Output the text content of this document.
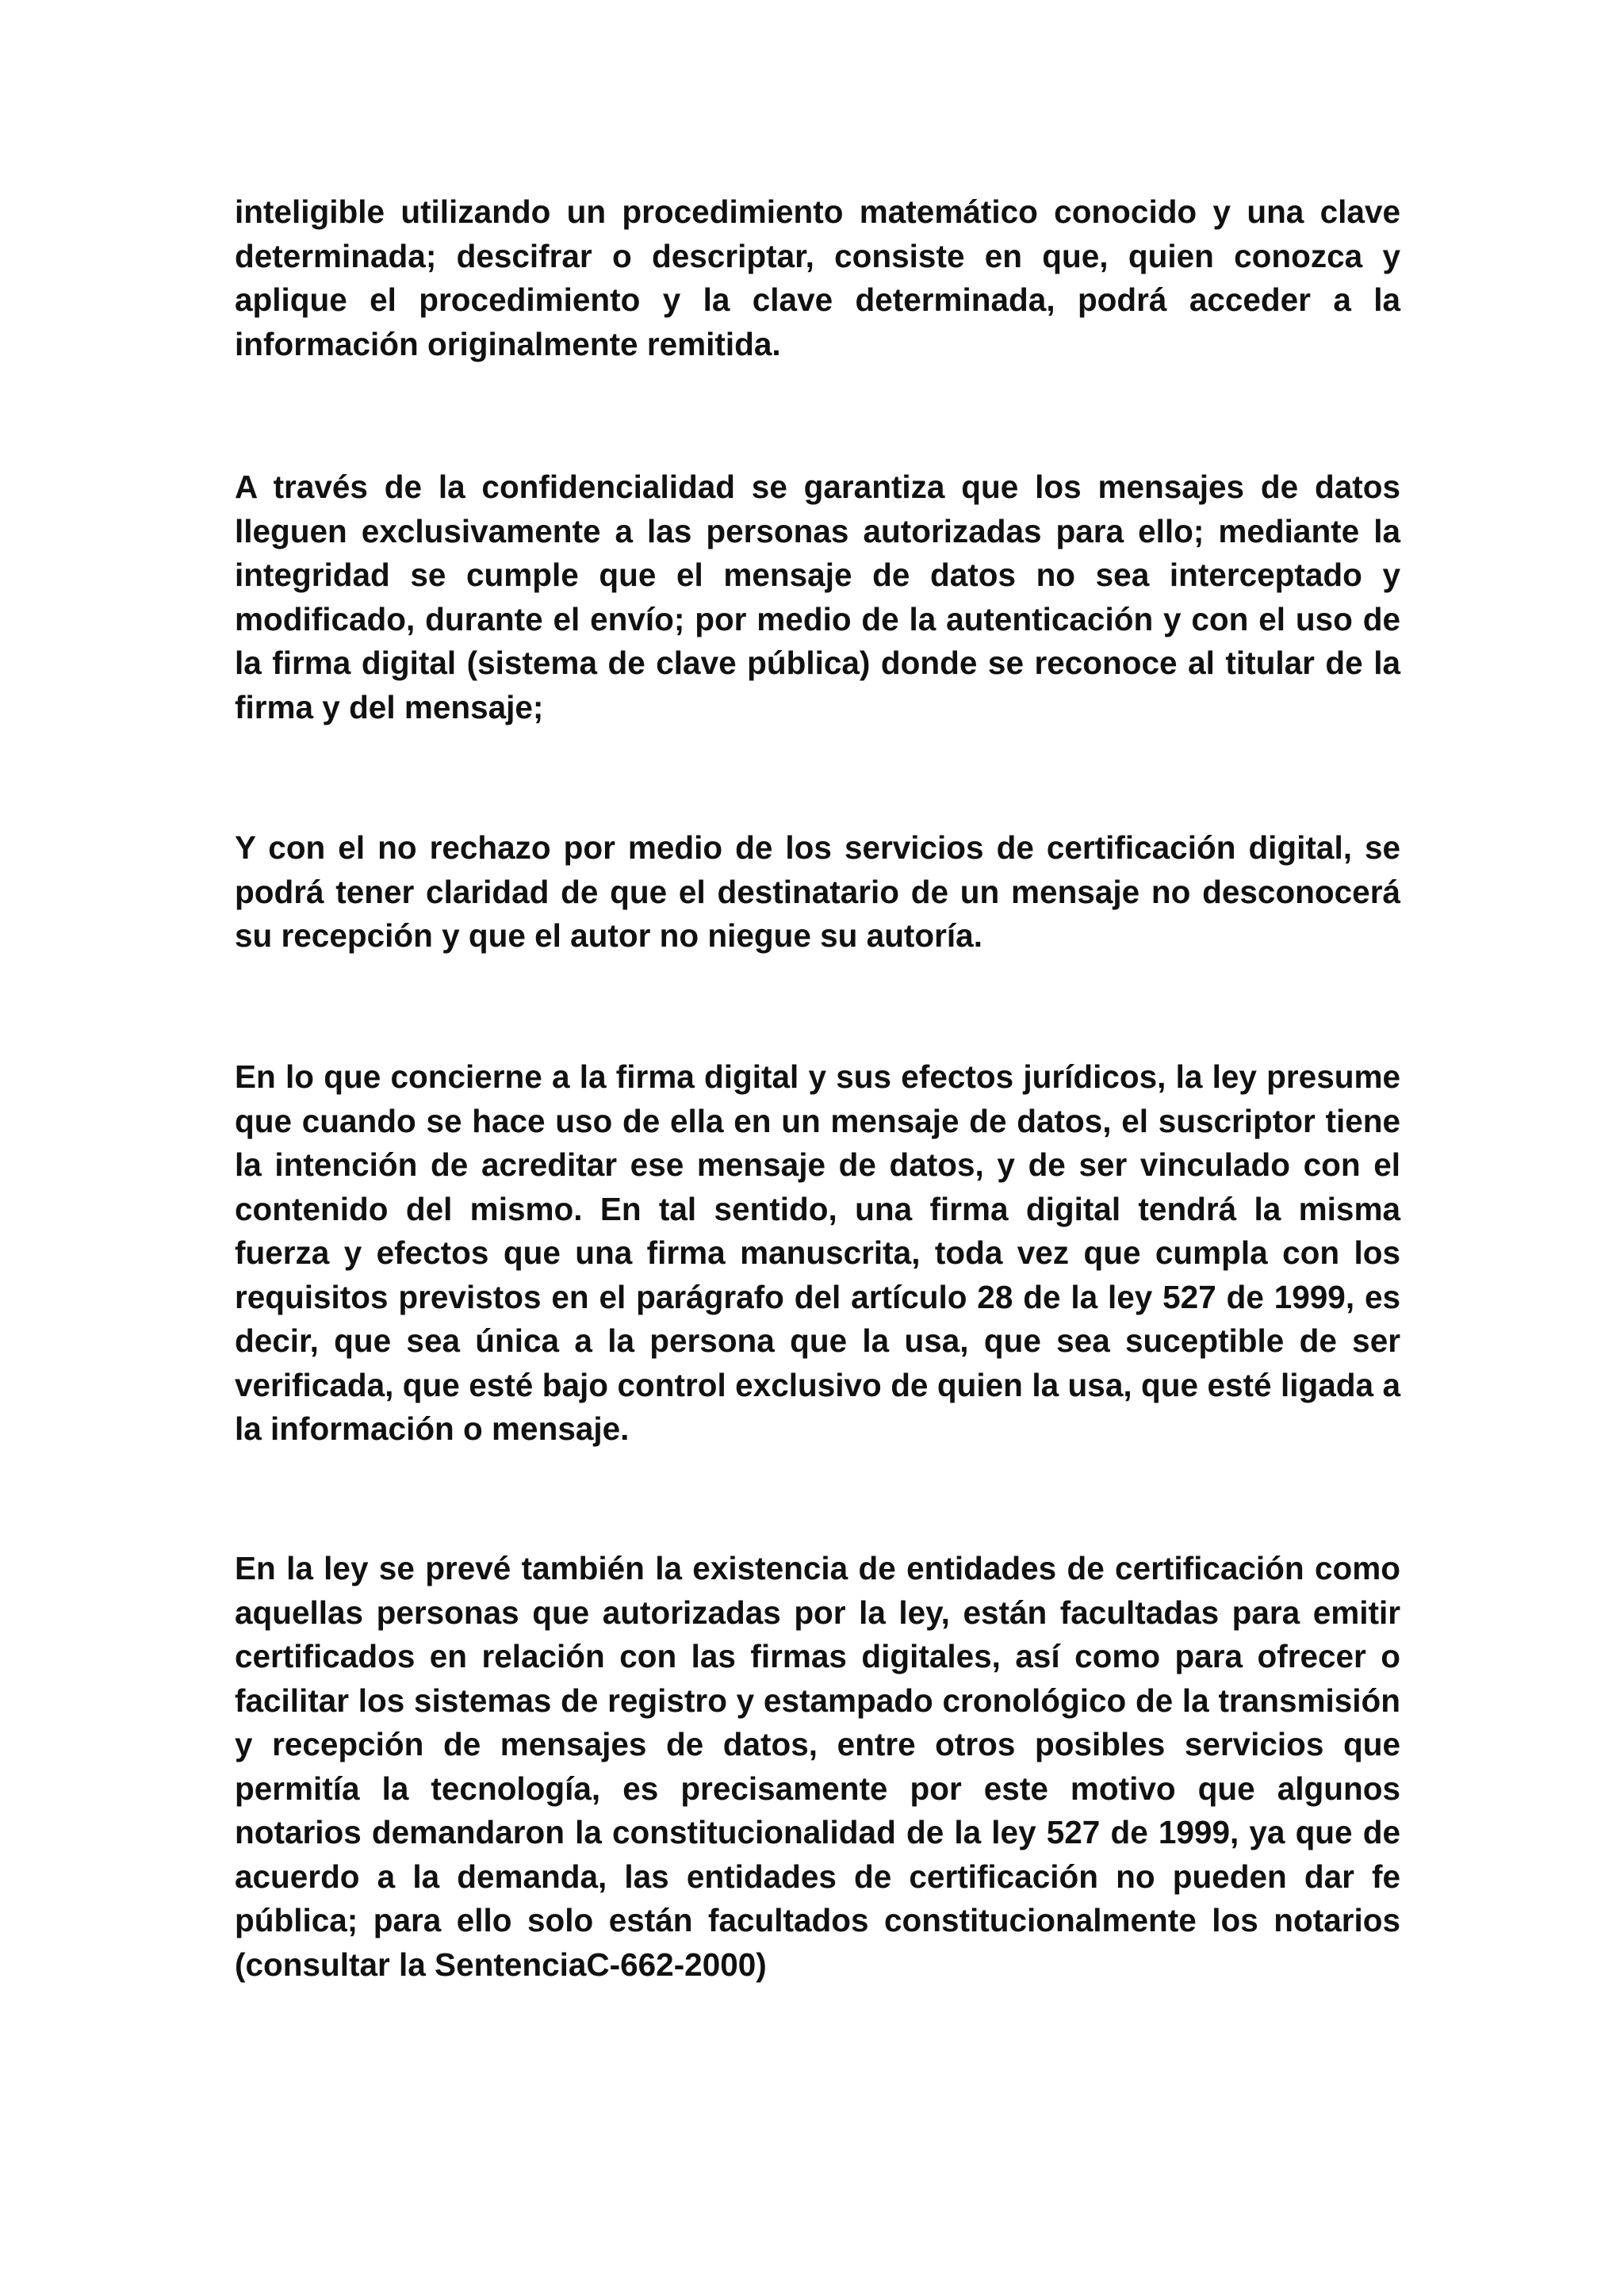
inteligible utilizando un procedimiento matemático conocido y una clave determinada; descifrar o descriptar, consiste en que, quien conozca y aplique el procedimiento y la clave determinada, podrá acceder a la información originalmente remitida.

A través de la confidencialidad se garantiza que los mensajes de datos lleguen exclusivamente a las personas autorizadas para ello; mediante la integridad se cumple que el mensaje de datos no sea interceptado y modificado, durante el envío; por medio de la autenticación y con el uso de la firma digital (sistema de clave pública) donde se reconoce al titular de la firma y del mensaje;

Y con el no rechazo por medio de los servicios de certificación digital, se podrá tener claridad de que el destinatario de un mensaje no desconocerá su recepción y que el autor no niegue su autoría.

En lo que concierne a la firma digital y sus efectos jurídicos, la ley presume que cuando se hace uso de ella en un mensaje de datos, el suscriptor tiene la intención de acreditar ese mensaje de datos, y de ser vinculado con el contenido del mismo. En tal sentido, una firma digital tendrá la misma fuerza y efectos que una firma manuscrita, toda vez que cumpla con los requisitos previstos en el parágrafo del artículo 28 de la ley 527 de 1999, es decir, que sea única a la persona que la usa, que sea suceptible de ser verificada, que esté bajo control exclusivo de quien la usa, que esté ligada a la información o mensaje.

En la ley se prevé también la existencia de entidades de certificación como aquellas personas que autorizadas por la ley, están facultadas para emitir certificados en relación con las firmas digitales, así como para ofrecer o facilitar los sistemas de registro y estampado cronológico de la transmisión y recepción de mensajes de datos, entre otros posibles servicios que permitía la tecnología, es precisamente por este motivo que algunos notarios demandaron la constitucionalidad de la ley 527 de 1999, ya que de acuerdo a la demanda, las entidades de certificación no pueden dar fe pública; para ello solo están facultados constitucionalmente los notarios (consultar la SentenciaC-662-2000)
